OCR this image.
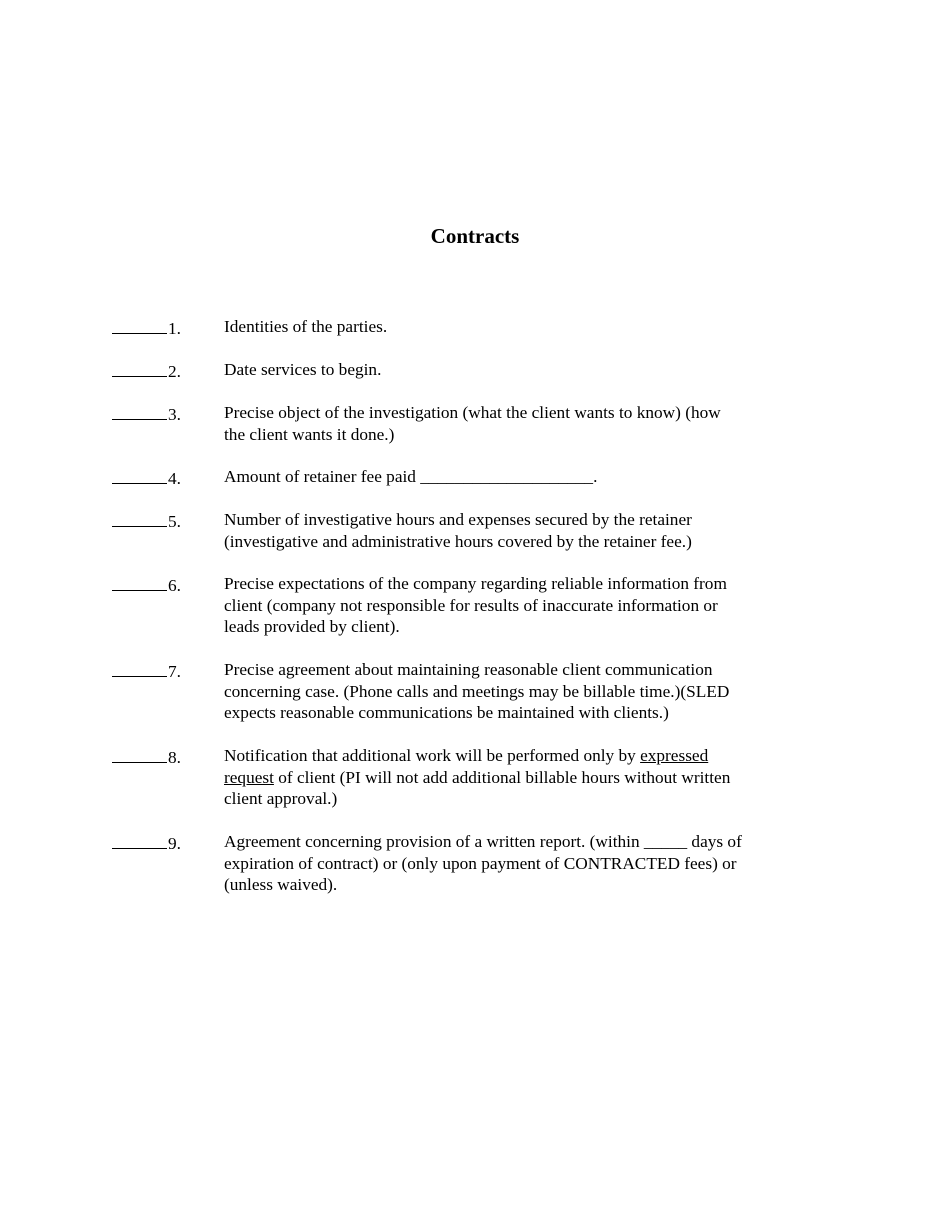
Contracts
1. Identities of the parties.
2. Date services to begin.
3. Precise object of the investigation (what the client wants to know) (how
the client wants it done.)
4. Amount of retainer fee paid ____________________.
5. Number of investigative hours and expenses secured by the retainer
(investigative and administrative hours covered by the retainer fee.)
6. Precise expectations of the company regarding reliable information from
client (company not responsible for results of inaccurate information or
leads provided by client).
7. Precise agreement about maintaining reasonable client communication
concerning case. (Phone calls and meetings may be billable time.)(SLED
expects reasonable communications be maintained with clients.)
8. Notification that additional work will be performed only by expressed
request of client (PI will not add additional billable hours without written
client approval.)
9. Agreement concerning provision of a written report. (within _____ days of
expiration of contract) or (only upon payment of CONTRACTED fees) or
(unless waived).
